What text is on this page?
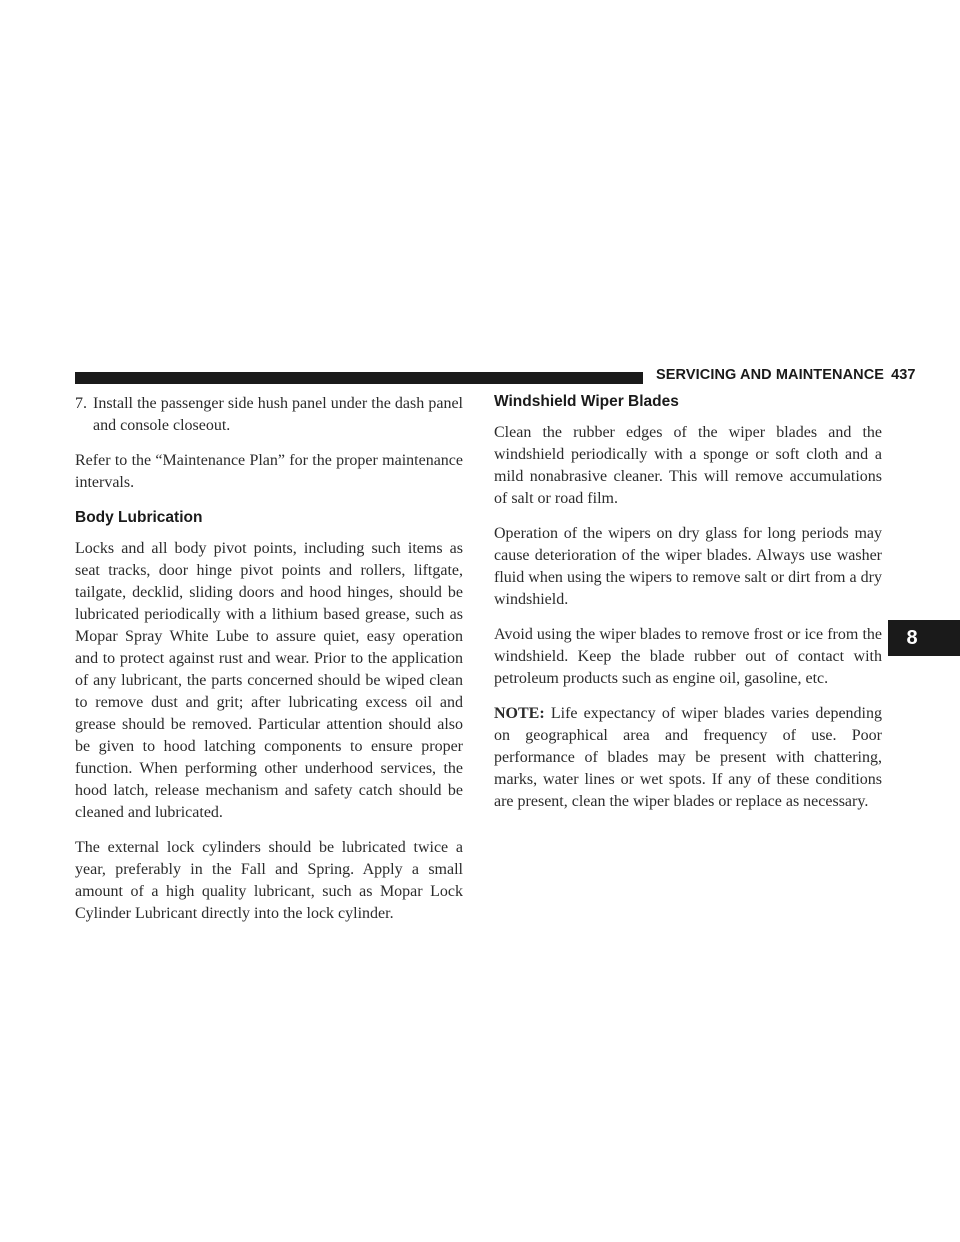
SERVICING AND MAINTENANCE 437
7. Install the passenger side hush panel under the dash panel and console closeout.

Refer to the “Maintenance Plan” for the proper maintenance intervals.

Body Lubrication

Locks and all body pivot points, including such items as seat tracks, door hinge pivot points and rollers, liftgate, tailgate, decklid, sliding doors and hood hinges, should be lubricated periodically with a lithium based grease, such as Mopar Spray White Lube to assure quiet, easy operation and to protect against rust and wear. Prior to the application of any lubricant, the parts concerned should be wiped clean to remove dust and grit; after lubricating excess oil and grease should be removed. Particular attention should also be given to hood latching components to ensure proper function. When performing other underhood services, the hood latch, release mechanism and safety catch should be cleaned and lubricated.

The external lock cylinders should be lubricated twice a year, preferably in the Fall and Spring. Apply a small amount of a high quality lubricant, such as Mopar Lock Cylinder Lubricant directly into the lock cylinder.

Windshield Wiper Blades

Clean the rubber edges of the wiper blades and the windshield periodically with a sponge or soft cloth and a mild nonabrasive cleaner. This will remove accumulations of salt or road film.

Operation of the wipers on dry glass for long periods may cause deterioration of the wiper blades. Always use washer fluid when using the wipers to remove salt or dirt from a dry windshield.

Avoid using the wiper blades to remove frost or ice from the windshield. Keep the blade rubber out of contact with petroleum products such as engine oil, gasoline, etc.

NOTE: Life expectancy of wiper blades varies depending on geographical area and frequency of use. Poor performance of blades may be present with chattering, marks, water lines or wet spots. If any of these conditions are present, clean the wiper blades or replace as necessary.

8
